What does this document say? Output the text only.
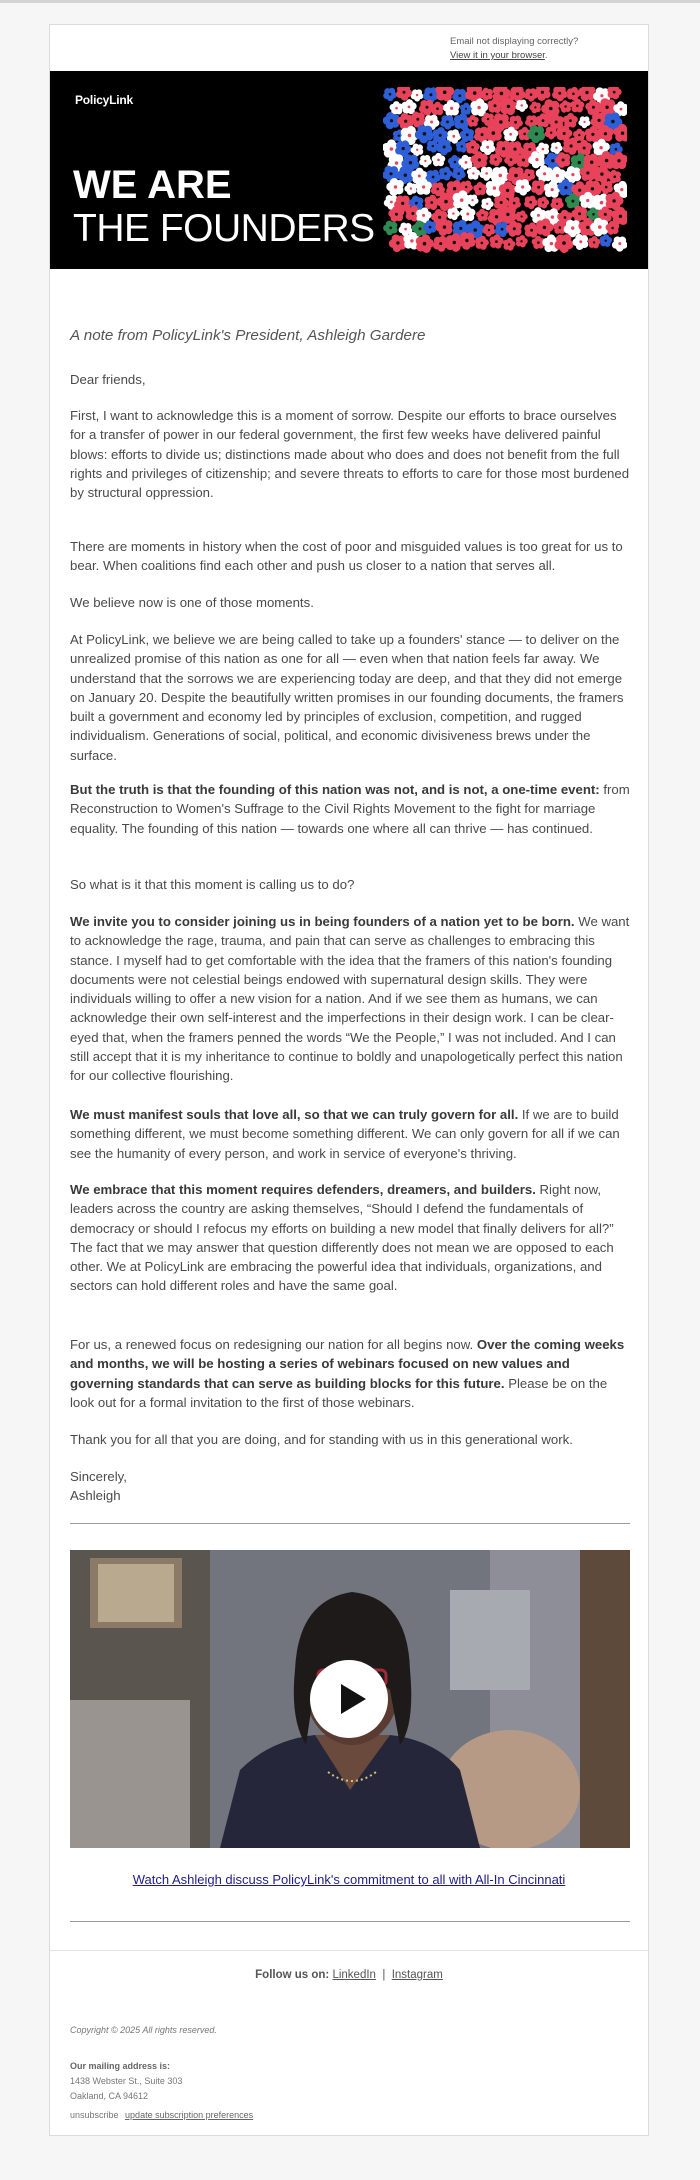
Email not displaying correctly?
View it in your browser.
PolicyLink
WE ARE
THE FOUNDERS
A note from PolicyLink's President, Ashleigh Gardere
Dear friends,
First, I want to acknowledge this is a moment of sorrow. Despite our efforts to brace ourselves for a transfer of power in our federal government, the first few weeks have delivered painful blows: efforts to divide us; distinctions made about who does and does not benefit from the full rights and privileges of citizenship; and severe threats to efforts to care for those most burdened by structural oppression.
There are moments in history when the cost of poor and misguided values is too great for us to bear. When coalitions find each other and push us closer to a nation that serves all.
We believe now is one of those moments.
At PolicyLink, we believe we are being called to take up a founders' stance — to deliver on the unrealized promise of this nation as one for all — even when that nation feels far away. We understand that the sorrows we are experiencing today are deep, and that they did not emerge on January 20. Despite the beautifully written promises in our founding documents, the framers built a government and economy led by principles of exclusion, competition, and rugged individualism. Generations of social, political, and economic divisiveness brews under the surface.
But the truth is that the founding of this nation was not, and is not, a one-time event: from Reconstruction to Women's Suffrage to the Civil Rights Movement to the fight for marriage equality. The founding of this nation — towards one where all can thrive — has continued.
So what is it that this moment is calling us to do?
We invite you to consider joining us in being founders of a nation yet to be born. We want to acknowledge the rage, trauma, and pain that can serve as challenges to embracing this stance. I myself had to get comfortable with the idea that the framers of this nation's founding documents were not celestial beings endowed with supernatural design skills. They were individuals willing to offer a new vision for a nation. And if we see them as humans, we can acknowledge their own self-interest and the imperfections in their design work. I can be clear-eyed that, when the framers penned the words “We the People,” I was not included. And I can still accept that it is my inheritance to continue to boldly and unapologetically perfect this nation for our collective flourishing.
We must manifest souls that love all, so that we can truly govern for all. If we are to build something different, we must become something different. We can only govern for all if we can see the humanity of every person, and work in service of everyone's thriving.
We embrace that this moment requires defenders, dreamers, and builders. Right now, leaders across the country are asking themselves, “Should I defend the fundamentals of democracy or should I refocus my efforts on building a new model that finally delivers for all?” The fact that we may answer that question differently does not mean we are opposed to each other. We at PolicyLink are embracing the powerful idea that individuals, organizations, and sectors can hold different roles and have the same goal.
For us, a renewed focus on redesigning our nation for all begins now. Over the coming weeks and months, we will be hosting a series of webinars focused on new values and governing standards that can serve as building blocks for this future. Please be on the look out for a formal invitation to the first of those webinars.
Thank you for all that you are doing, and for standing with us in this generational work.
Sincerely,
Ashleigh
Watch Ashleigh discuss PolicyLink's commitment to all with All-In Cincinnati
Follow us on: LinkedIn | Instagram
Copyright © 2025 All rights reserved.
Our mailing address is:
1438 Webster St., Suite 303
Oakland, CA 94612
unsubscribe update subscription preferences
